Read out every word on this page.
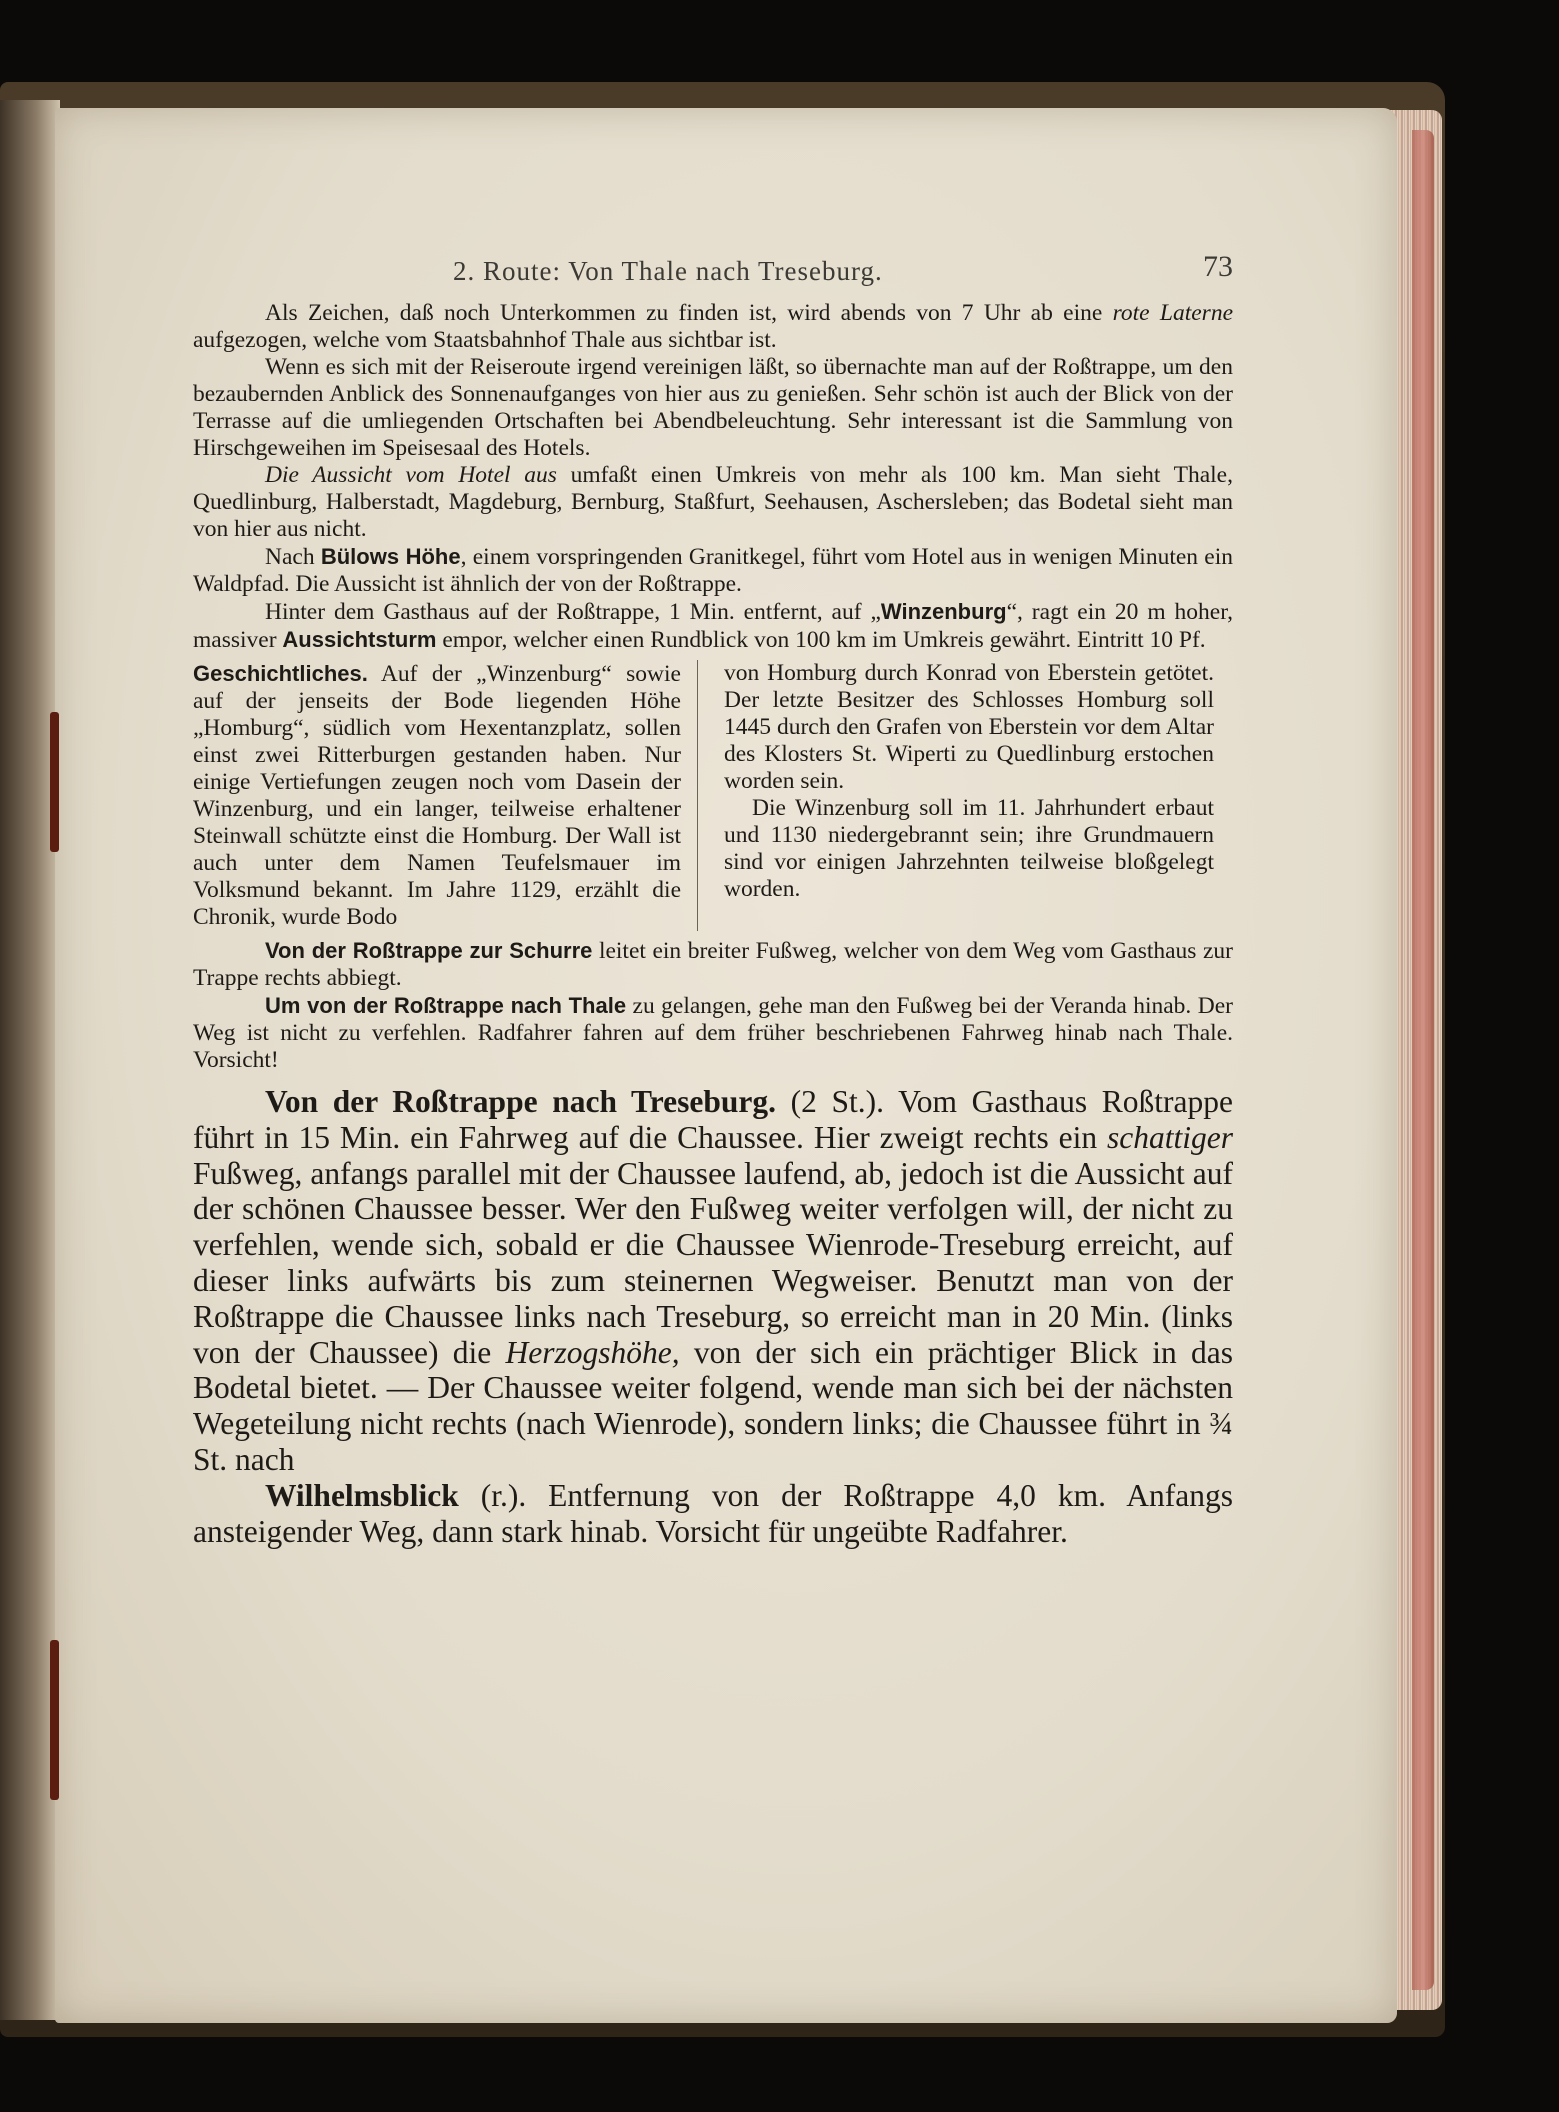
2. Route: Von Thale nach Treseburg.	73

Als Zeichen, daß noch Unterkommen zu finden ist, wird abends von 7 Uhr ab eine rote Laterne aufgezogen, welche vom Staatsbahnhof Thale aus sichtbar ist.

Wenn es sich mit der Reiseroute irgend vereinigen läßt, so übernachte man auf der Roßtrappe, um den bezaubernden Anblick des Sonnenaufganges von hier aus zu genießen. Sehr schön ist auch der Blick von der Terrasse auf die umliegenden Ortschaften bei Abendbeleuchtung. Sehr interessant ist die Sammlung von Hirschgeweihen im Speisesaal des Hotels.

Die Aussicht vom Hotel aus umfaßt einen Umkreis von mehr als 100 km. Man sieht Thale, Quedlinburg, Halberstadt, Magdeburg, Bernburg, Staßfurt, Seehausen, Aschersleben; das Bodetal sieht man von hier aus nicht.

Nach Bülows Höhe, einem vorspringenden Granitkegel, führt vom Hotel aus in wenigen Minuten ein Waldpfad. Die Aussicht ist ähnlich der von der Roßtrappe.

Hinter dem Gasthaus auf der Roßtrappe, 1 Min. entfernt, auf „Winzenburg“, ragt ein 20 m hoher, massiver Aussichtsturm empor, welcher einen Rundblick von 100 km im Umkreis gewährt. Eintritt 10 Pf.

Geschichtliches. Auf der „Winzenburg“ sowie auf der jenseits der Bode liegenden Höhe „Homburg“, südlich vom Hexentanzplatz, sollen einst zwei Ritterburgen gestanden haben. Nur einige Vertiefungen zeugen noch vom Dasein der Winzenburg, und ein langer, teilweise erhaltener Steinwall schützte einst die Homburg. Der Wall ist auch unter dem Namen Teufelsmauer im Volksmund bekannt. Im Jahre 1129, erzählt die Chronik, wurde Bodo

von Homburg durch Konrad von Eberstein getötet. Der letzte Besitzer des Schlosses Homburg soll 1445 durch den Grafen von Eberstein vor dem Altar des Klosters St. Wiperti zu Quedlinburg erstochen worden sein.

Die Winzenburg soll im 11. Jahrhundert erbaut und 1130 niedergebrannt sein; ihre Grundmauern sind vor einigen Jahrzehnten teilweise bloßgelegt worden.

Von der Roßtrappe zur Schurre leitet ein breiter Fußweg, welcher von dem Weg vom Gasthaus zur Trappe rechts abbiegt.

Um von der Roßtrappe nach Thale zu gelangen, gehe man den Fußweg bei der Veranda hinab. Der Weg ist nicht zu verfehlen. Radfahrer fahren auf dem früher beschriebenen Fahrweg hinab nach Thale. Vorsicht!

Von der Roßtrappe nach Treseburg. (2 St.). Vom Gasthaus Roßtrappe führt in 15 Min. ein Fahrweg auf die Chaussee. Hier zweigt rechts ein schattiger Fußweg, anfangs parallel mit der Chaussee laufend, ab, jedoch ist die Aussicht auf der schönen Chaussee besser. Wer den Fußweg weiter verfolgen will, der nicht zu verfehlen, wende sich, sobald er die Chaussee Wienrode-Treseburg erreicht, auf dieser links aufwärts bis zum steinernen Wegweiser. Benutzt man von der Roßtrappe die Chaussee links nach Treseburg, so erreicht man in 20 Min. (links von der Chaussee) die Herzogshöhe, von der sich ein prächtiger Blick in das Bodetal bietet. — Der Chaussee weiter folgend, wende man sich bei der nächsten Wegeteilung nicht rechts (nach Wienrode), sondern links; die Chaussee führt in ¾ St. nach

Wilhelmsblick (r.). Entfernung von der Roßtrappe 4,0 km. Anfangs ansteigender Weg, dann stark hinab. Vorsicht für ungeübte Radfahrer.
